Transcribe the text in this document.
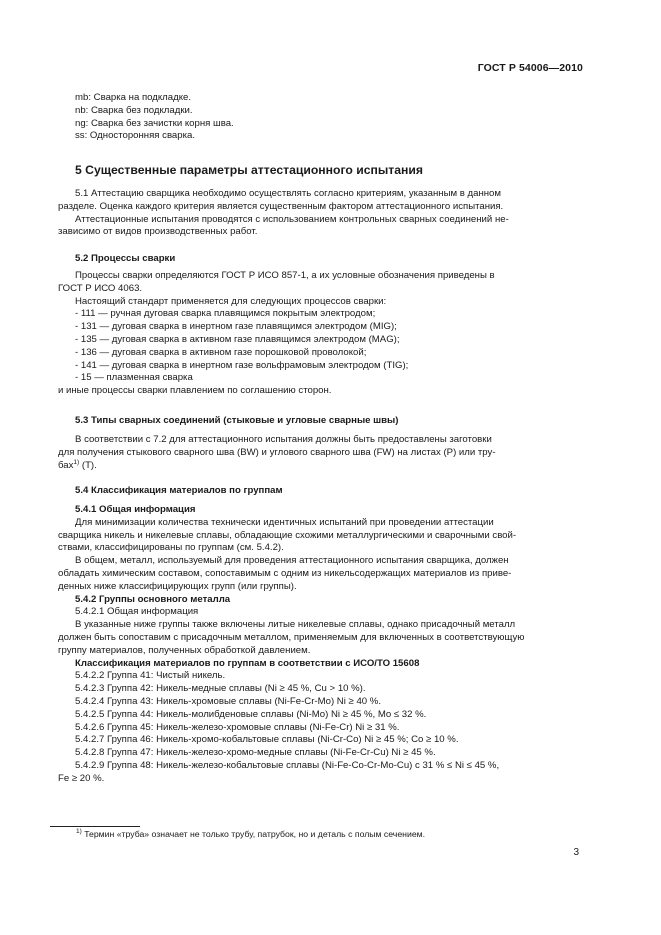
ГОСТ Р 54006—2010
mb: Сварка на подкладке.
nb: Сварка без подкладки.
ng: Сварка без зачистки корня шва.
ss: Односторонняя сварка.
5 Существенные параметры аттестационного испытания
5.1 Аттестацию сварщика необходимо осуществлять согласно критериям, указанным в данном
разделе. Оценка каждого критерия является существенным фактором аттестационного испытания.
Аттестационные испытания проводятся с использованием контрольных сварных соединений не-
зависимо от видов производственных работ.
5.2 Процессы сварки
Процессы сварки определяются ГОСТ Р ИСО 857-1, а их условные обозначения приведены в
ГОСТ Р ИСО 4063.
Настоящий стандарт применяется для следующих процессов сварки:
- 111 — ручная дуговая сварка плавящимся покрытым электродом;
- 131 — дуговая сварка в инертном газе плавящимся электродом (MIG);
- 135 — дуговая сварка в активном газе плавящимся электродом (MAG);
- 136 — дуговая сварка в активном газе порошковой проволокой;
- 141 — дуговая сварка в инертном газе вольфрамовым электродом (TIG);
- 15 — плазменная сварка
и иные процессы сварки плавлением по соглашению сторон.
5.3 Типы сварных соединений (стыковые и угловые сварные швы)
В соответствии с 7.2 для аттестационного испытания должны быть предоставлены заготовки
для получения стыкового сварного шва (BW) и углового сварного шва (FW) на листах (P) или тру-
бах$^{1)}$ (T).
5.4 Классификация материалов по группам
5.4.1 Общая информация
Для минимизации количества технически идентичных испытаний при проведении аттестации
сварщика никель и никелевые сплавы, обладающие схожими металлургическими и сварочными свой-
ствами, классифицированы по группам (см. 5.4.2).
В общем, металл, используемый для проведения аттестационного испытания сварщика, должен
обладать химическим составом, сопоставимым с одним из никельсодержащих материалов из приве-
денных ниже классифицирующих групп (или группы).
5.4.2 Группы основного металла
5.4.2.1 Общая информация
В указанные ниже группы также включены литые никелевые сплавы, однако присадочный металл
должен быть сопоставим с присадочным металлом, применяемым для включенных в соответствующую
группу материалов, полученных обработкой давлением.
Классификация материалов по группам в соответствии с ИСО/ТО 15608
5.4.2.2 Группа 41: Чистый никель.
5.4.2.3 Группа 42: Никель-медные сплавы (Ni ≥ 45 %, Cu > 10 %).
5.4.2.4 Группа 43: Никель-хромовые сплавы (Ni-Fe-Cr-Mo) Ni ≥ 40 %.
5.4.2.5 Группа 44: Никель-молибденовые сплавы (Ni-Mo) Ni ≥ 45 %, Mo ≤ 32 %.
5.4.2.6 Группа 45: Никель-железо-хромовые сплавы (Ni-Fe-Cr) Ni ≥ 31 %.
5.4.2.7 Группа 46: Никель-хромо-кобальтовые сплавы (Ni-Cr-Co) Ni ≥ 45 %; Co ≥ 10 %.
5.4.2.8 Группа 47: Никель-железо-хромо-медные сплавы (Ni-Fe-Cr-Cu) Ni ≥ 45 %.
5.4.2.9 Группа 48: Никель-железо-кобальтовые сплавы (Ni-Fe-Co-Cr-Mo-Cu) с 31 % ≤ Ni ≤ 45 %,
Fe ≥ 20 %.
$^{1)}$ Термин «труба» означает не только трубу, патрубок, но и деталь с полым сечением.
3
